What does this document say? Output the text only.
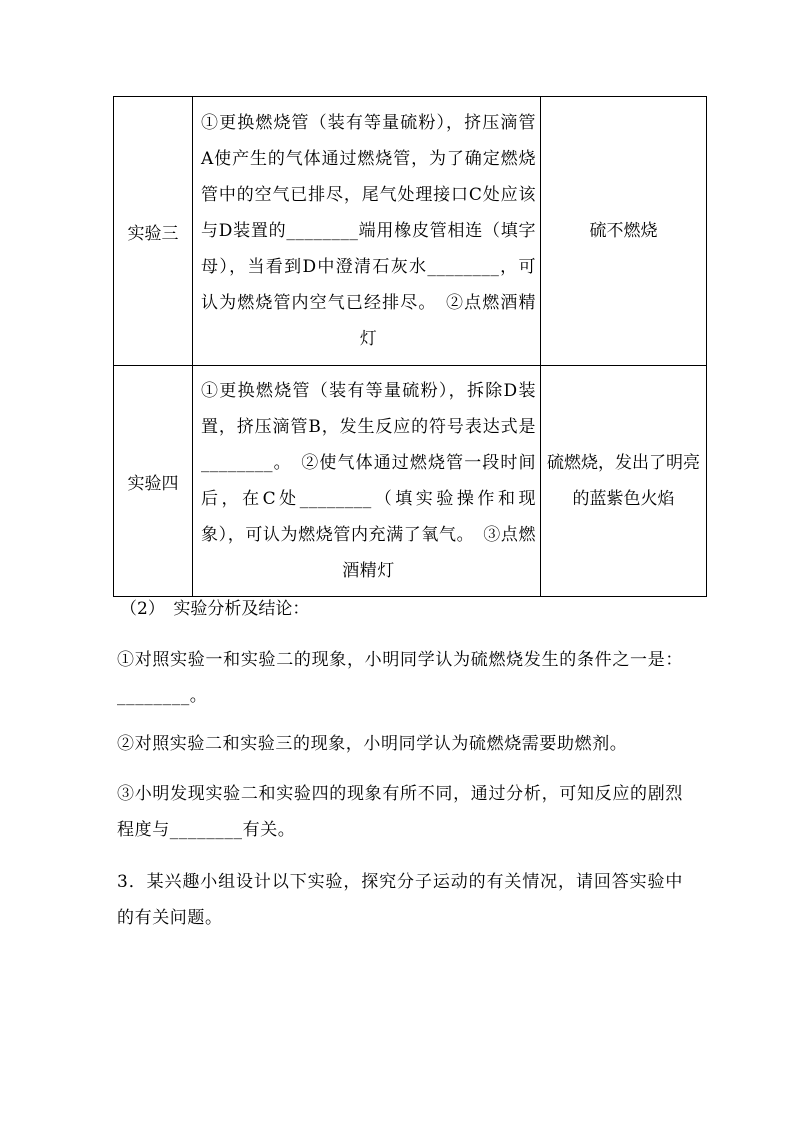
实验三	①更换燃烧管（装有等量硫粉），挤压滴管A使产生的气体通过燃烧管，为了确定燃烧管中的空气已排尽，尾气处理接口C处应该与D装置的________端用橡皮管相连（填字母），当看到D中澄清石灰水________，可认为燃烧管内空气已经排尽。　②点燃酒精灯	硫不燃烧
实验四	①更换燃烧管（装有等量硫粉），拆除D装置，挤压滴管B，发生反应的符号表达式是________。　②使气体通过燃烧管一段时间后，在C处________（填实验操作和现象），可认为燃烧管内充满了氧气。　③点燃酒精灯	硫燃烧，发出了明亮的蓝紫色火焰
（2）　实验分析及结论：
①对照实验一和实验二的现象，小明同学认为硫燃烧发生的条件之一是：________。
②对照实验二和实验三的现象，小明同学认为硫燃烧需要助燃剂。
③小明发现实验二和实验四的现象有所不同，通过分析，可知反应的剧烈程度与________有关。
3．某兴趣小组设计以下实验，探究分子运动的有关情况，请回答实验中的有关问题。
